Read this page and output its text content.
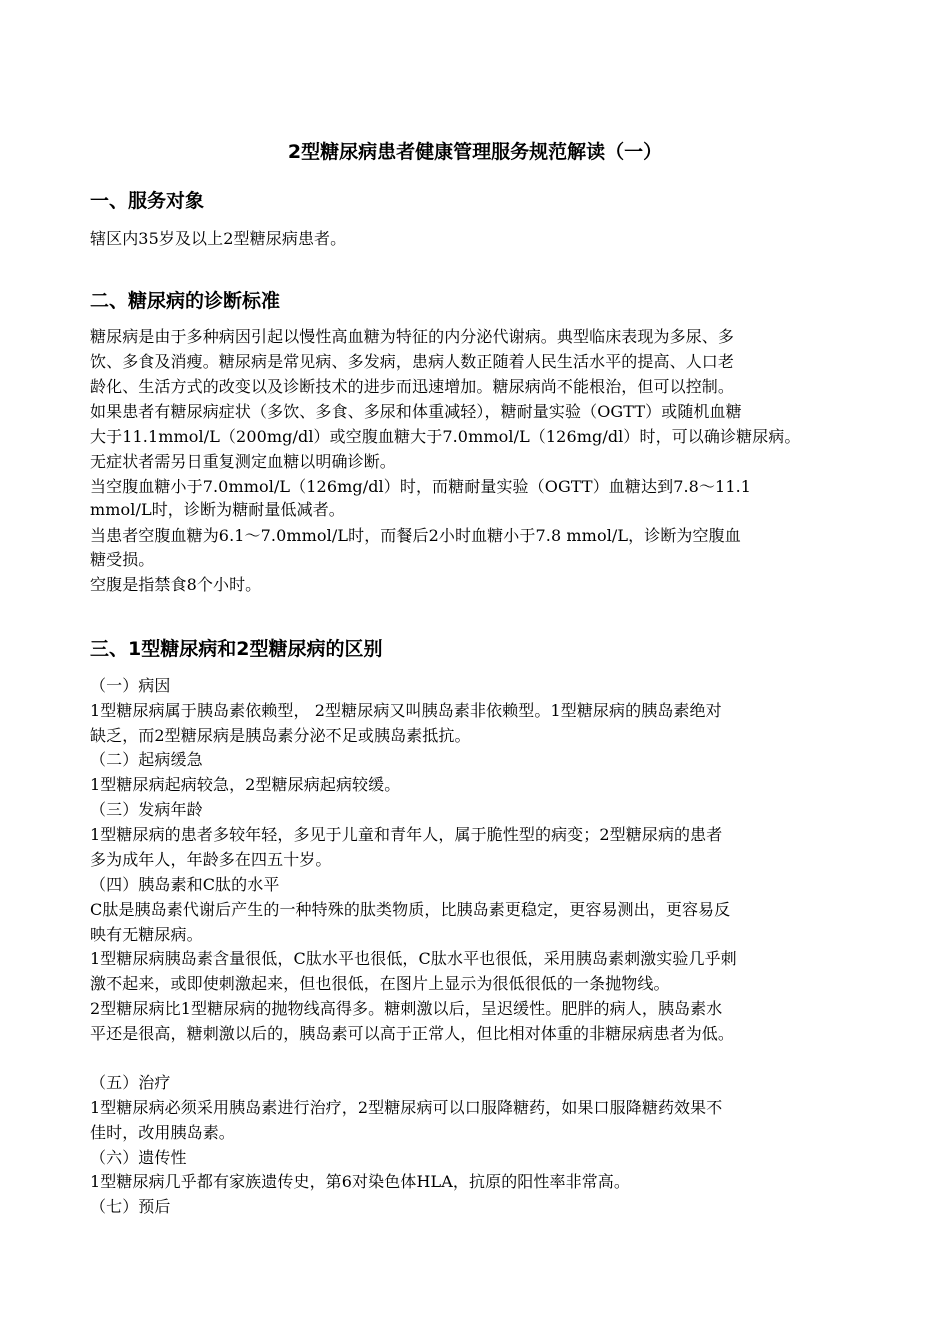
2型糖尿病患者健康管理服务规范解读（一）
一、服务对象
辖区内35岁及以上2型糖尿病患者。
二、糖尿病的诊断标准
糖尿病是由于多种病因引起以慢性高血糖为特征的内分泌代谢病。典型临床表现为多尿、多
饮、多食及消瘦。糖尿病是常见病、多发病，患病人数正随着人民生活水平的提高、人口老
龄化、生活方式的改变以及诊断技术的进步而迅速增加。糖尿病尚不能根治，但可以控制。
如果患者有糖尿病症状（多饮、多食、多尿和体重减轻），糖耐量实验（OGTT）或随机血糖
大于11.1mmol/L（200mg/dl）或空腹血糖大于7.0mmol/L（126mg/dl）时，可以确诊糖尿病。
无症状者需另日重复测定血糖以明确诊断。
当空腹血糖小于7.0mmol/L（126mg/dl）时，而糖耐量实验（OGTT）血糖达到7.8～11.1
mmol/L时，诊断为糖耐量低减者。
当患者空腹血糖为6.1～7.0mmol/L时，而餐后2小时血糖小于7.8 mmol/L，诊断为空腹血
糖受损。
空腹是指禁食8个小时。
三、1型糖尿病和2型糖尿病的区别
（一）病因
1型糖尿病属于胰岛素依赖型， 2型糖尿病又叫胰岛素非依赖型。1型糖尿病的胰岛素绝对
缺乏，而2型糖尿病是胰岛素分泌不足或胰岛素抵抗。
（二）起病缓急
1型糖尿病起病较急，2型糖尿病起病较缓。
（三）发病年龄
1型糖尿病的患者多较年轻，多见于儿童和青年人，属于脆性型的病变；2型糖尿病的患者
多为成年人，年龄多在四五十岁。
（四）胰岛素和C肽的水平
C肽是胰岛素代谢后产生的一种特殊的肽类物质，比胰岛素更稳定，更容易测出，更容易反
映有无糖尿病。
1型糖尿病胰岛素含量很低，C肽水平也很低，C肽水平也很低，采用胰岛素刺激实验几乎刺
激不起来，或即使刺激起来，但也很低，在图片上显示为很低很低的一条抛物线。
2型糖尿病比1型糖尿病的抛物线高得多。糖刺激以后，呈迟缓性。肥胖的病人，胰岛素水
平还是很高，糖刺激以后的，胰岛素可以高于正常人，但比相对体重的非糖尿病患者为低。
（五）治疗
1型糖尿病必须采用胰岛素进行治疗，2型糖尿病可以口服降糖药，如果口服降糖药效果不
佳时，改用胰岛素。
（六）遗传性
1型糖尿病几乎都有家族遗传史，第6对染色体HLA，抗原的阳性率非常高。
（七）预后
